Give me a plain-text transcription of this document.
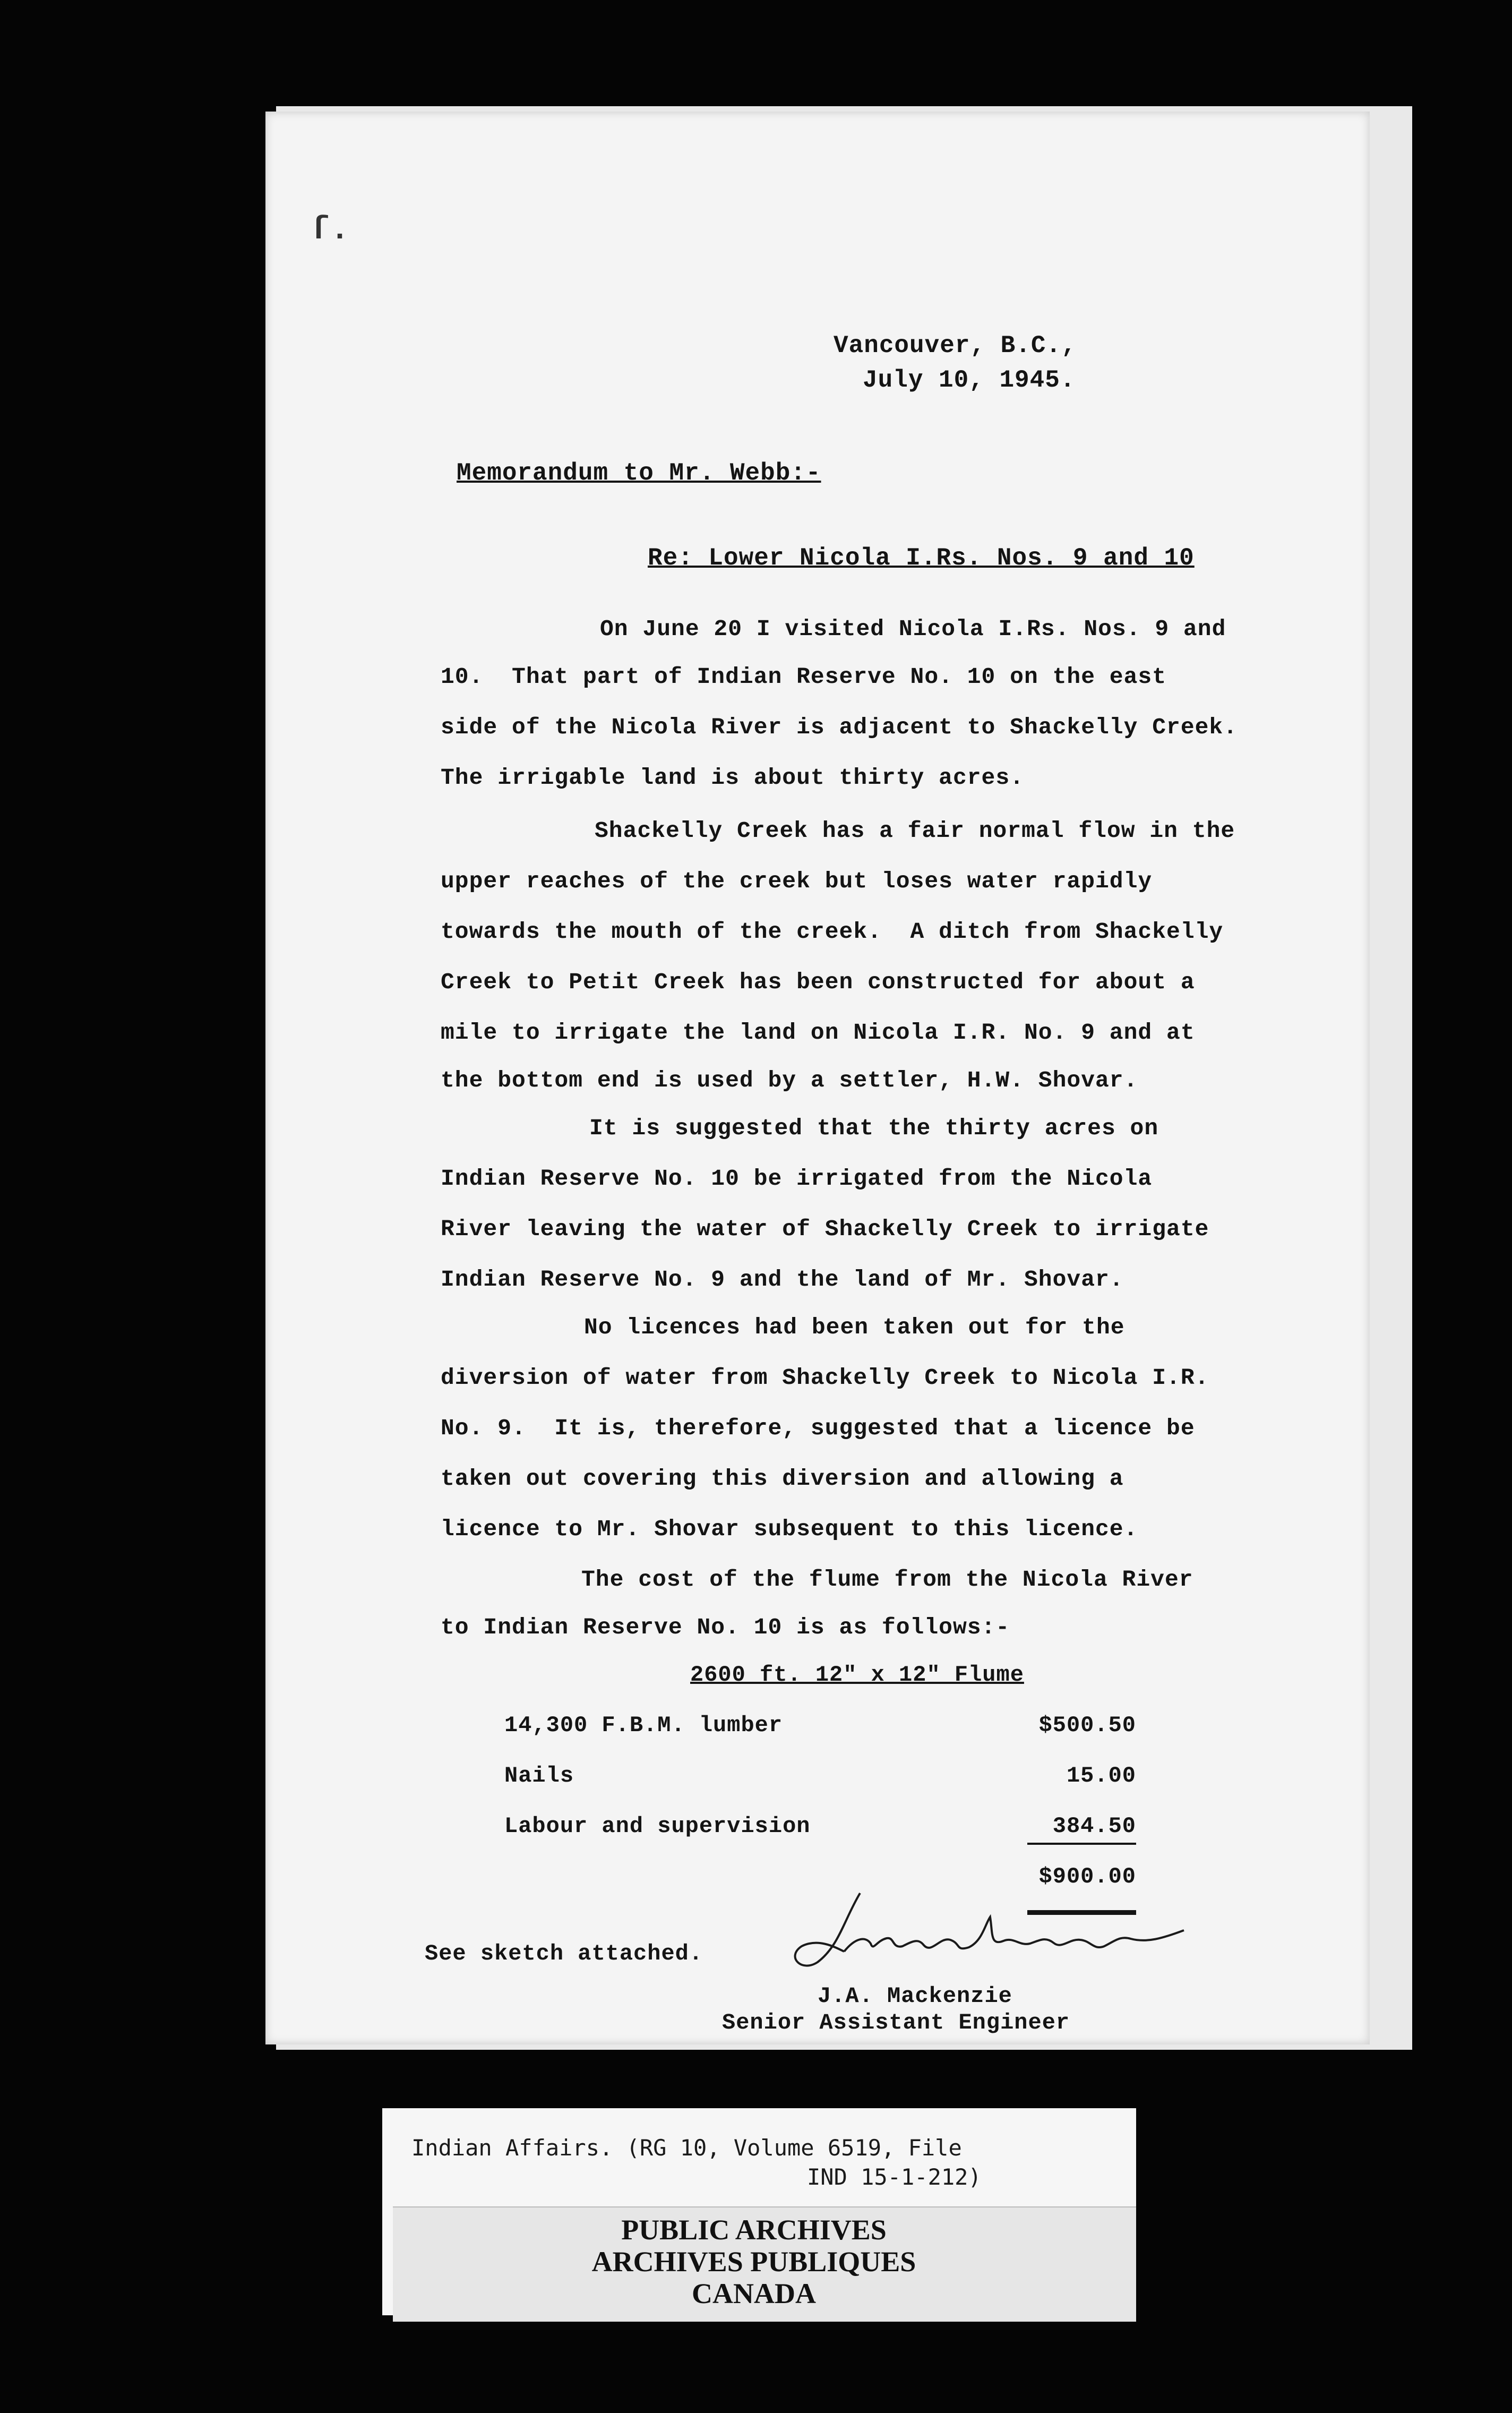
ſ.
Vancouver, B.C.,
July 10, 1945.
Memorandum to Mr. Webb:-
Re: Lower Nicola I.Rs. Nos. 9 and 10
On June 20 I visited Nicola I.Rs. Nos. 9 and
10.  That part of Indian Reserve No. 10 on the east
side of the Nicola River is adjacent to Shackelly Creek.
The irrigable land is about thirty acres.
Shackelly Creek has a fair normal flow in the
upper reaches of the creek but loses water rapidly
towards the mouth of the creek.  A ditch from Shackelly
Creek to Petit Creek has been constructed for about a
mile to irrigate the land on Nicola I.R. No. 9 and at
the bottom end is used by a settler, H.W. Shovar.
It is suggested that the thirty acres on
Indian Reserve No. 10 be irrigated from the Nicola
River leaving the water of Shackelly Creek to irrigate
Indian Reserve No. 9 and the land of Mr. Shovar.
No licences had been taken out for the
diversion of water from Shackelly Creek to Nicola I.R.
No. 9.  It is, therefore, suggested that a licence be
taken out covering this diversion and allowing a
licence to Mr. Shovar subsequent to this licence.
The cost of the flume from the Nicola River
to Indian Reserve No. 10 is as follows:-
2600 ft. 12" x 12" Flume
14,300 F.B.M. lumber	$500.50
Nails	15.00
Labour and supervision	384.50
$900.00
See sketch attached.
J.A. Mackenzie
Senior Assistant Engineer
Indian Affairs. (RG 10, Volume 6519, File
IND 15-1-212)
PUBLIC ARCHIVES
ARCHIVES PUBLIQUES
CANADA
